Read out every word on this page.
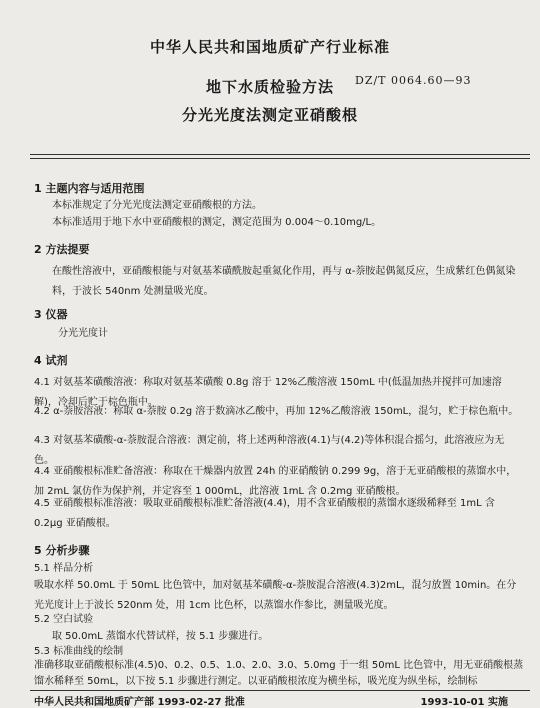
中华人民共和国地质矿产行业标准
地下水质检验方法	DZ/T 0064.60—93
分光光度法测定亚硝酸根
1 主题内容与适用范围
本标准规定了分光光度法测定亚硝酸根的方法。
本标准适用于地下水中亚硝酸根的测定，测定范围为 0.004～0.10mg/L。
2 方法提要
在酸性溶液中，亚硝酸根能与对氨基苯磺酰胺起重氮化作用，再与 α-萘胺起偶氮反应，生成紫红色偶氮染料，于波长 540nm 处测量吸光度。
3 仪器
分光光度计
4 试剂
4.1 对氨基苯磺酸溶液：称取对氨基苯磺酸 0.8g 溶于 12%乙酸溶液 150mL 中(低温加热并搅拌可加速溶解)，冷却后贮于棕色瓶中。
4.2 α-萘胺溶液：称取 α-萘胺 0.2g 溶于数滴冰乙酸中，再加 12%乙酸溶液 150mL，混匀，贮于棕色瓶中。
4.3 对氨基苯磺酸-α-萘胺混合溶液：测定前，将上述两种溶液(4.1)与(4.2)等体积混合摇匀，此溶液应为无色。
4.4 亚硝酸根标准贮备溶液：称取在干燥器内放置 24h 的亚硝酸钠 0.299 9g，溶于无亚硝酸根的蒸馏水中，加 2mL 氯仿作为保护剂，并定容至 1 000mL，此溶液 1mL 含 0.2mg 亚硝酸根。
4.5 亚硝酸根标准溶液：吸取亚硝酸根标准贮备溶液(4.4)，用不含亚硝酸根的蒸馏水逐级稀释至 1mL 含 0.2μg 亚硝酸根。
5 分析步骤
5.1 样品分析
吸取水样 50.0mL 于 50mL 比色管中，加对氨基苯磺酸-α-萘胺混合溶液(4.3)2mL，混匀放置 10min。在分光光度计上于波长 520nm 处，用 1cm 比色杯，以蒸馏水作参比，测量吸光度。
5.2 空白试验
取 50.0mL 蒸馏水代替试样，按 5.1 步骤进行。
5.3 标准曲线的绘制
准确移取亚硝酸根标准(4.5)0、0.2、0.5、1.0、2.0、3.0、5.0mg 于一组 50mL 比色管中，用无亚硝酸根蒸馏水稀释至 50mL，以下按 5.1 步骤进行测定。以亚硝酸根浓度为横坐标，吸光度为纵坐标，绘制标
中华人民共和国地质矿产部 1993-02-27 批准	1993-10-01 实施
